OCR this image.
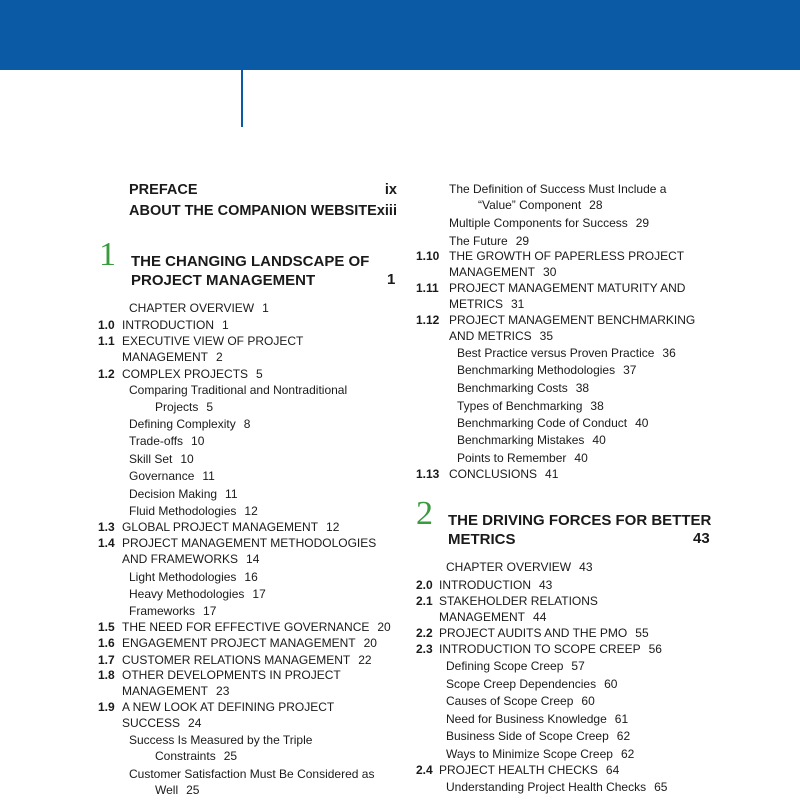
PREFACE	ix
ABOUT THE COMPANION WEBSITE xiii
1 THE CHANGING LANDSCAPE OF
PROJECT MANAGEMENT	1
CHAPTER OVERVIEW 1
1.0 INTRODUCTION 1
1.1 EXECUTIVE VIEW OF PROJECT
MANAGEMENT 2
1.2 COMPLEX PROJECTS 5
Comparing Traditional and Nontraditional
Projects 5
Defining Complexity 8
Trade-offs 10
Skill Set 10
Governance 11
Decision Making 11
Fluid Methodologies 12
1.3 GLOBAL PROJECT MANAGEMENT 12
1.4 PROJECT MANAGEMENT METHODOLOGIES
AND FRAMEWORKS 14
Light Methodologies 16
Heavy Methodologies 17
Frameworks 17
1.5 THE NEED FOR EFFECTIVE GOVERNANCE 20
1.6 ENGAGEMENT PROJECT MANAGEMENT 20
1.7 CUSTOMER RELATIONS MANAGEMENT 22
1.8 OTHER DEVELOPMENTS IN PROJECT
MANAGEMENT 23
1.9 A NEW LOOK AT DEFINING PROJECT
SUCCESS 24
Success Is Measured by the Triple
Constraints 25
Customer Satisfaction Must Be Considered as
Well 25
The Definition of Success Must Include a
“Value” Component 28
Multiple Components for Success 29
The Future 29
1.10 THE GROWTH OF PAPERLESS PROJECT
MANAGEMENT 30
1.11 PROJECT MANAGEMENT MATURITY AND
METRICS 31
1.12 PROJECT MANAGEMENT BENCHMARKING
AND METRICS 35
Best Practice versus Proven Practice 36
Benchmarking Methodologies 37
Benchmarking Costs 38
Types of Benchmarking 38
Benchmarking Code of Conduct 40
Benchmarking Mistakes 40
Points to Remember 40
1.13 CONCLUSIONS 41
2 THE DRIVING FORCES FOR BETTER
METRICS	43
CHAPTER OVERVIEW 43
2.0 INTRODUCTION 43
2.1 STAKEHOLDER RELATIONS
MANAGEMENT 44
2.2 PROJECT AUDITS AND THE PMO 55
2.3 INTRODUCTION TO SCOPE CREEP 56
Defining Scope Creep 57
Scope Creep Dependencies 60
Causes of Scope Creep 60
Need for Business Knowledge 61
Business Side of Scope Creep 62
Ways to Minimize Scope Creep 62
2.4 PROJECT HEALTH CHECKS 64
Understanding Project Health Checks 65
